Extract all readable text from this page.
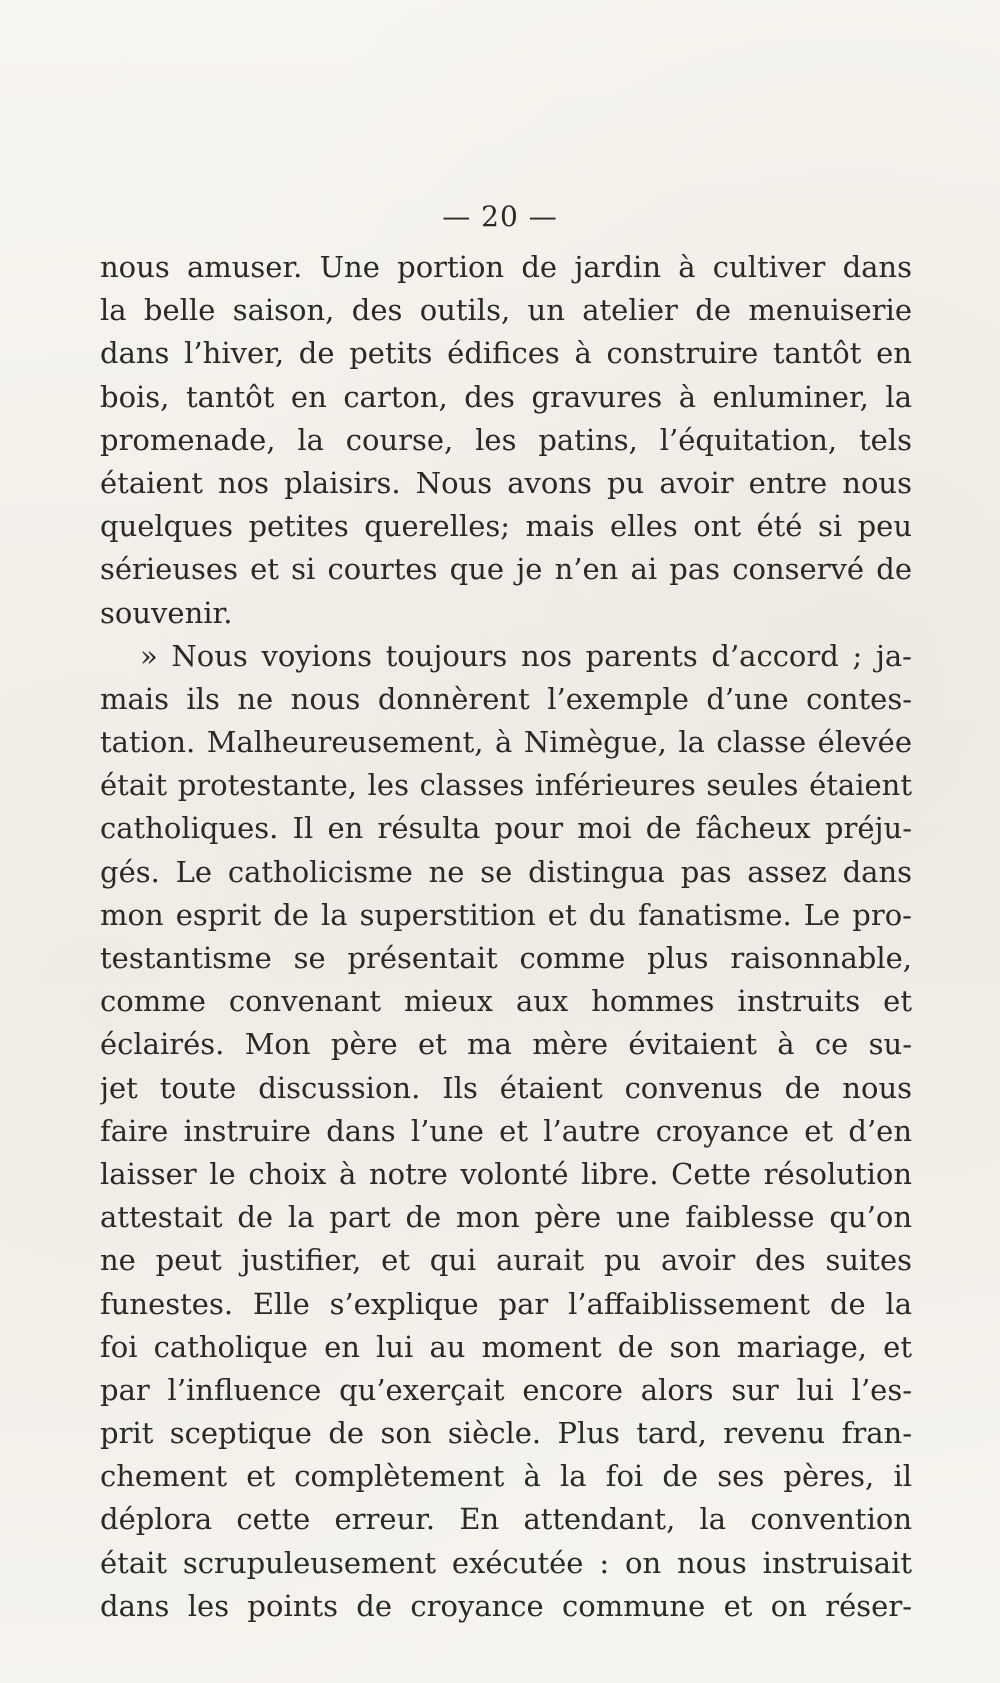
— 20 —
nous amuser. Une portion de jardin à cultiver dans
la belle saison, des outils, un atelier de menuiserie
dans l’hiver, de petits édifices à construire tantôt en
bois, tantôt en carton, des gravures à enluminer, la
promenade, la course, les patins, l’équitation, tels
étaient nos plaisirs. Nous avons pu avoir entre nous
quelques petites querelles; mais elles ont été si peu
sérieuses et si courtes que je n’en ai pas conservé de
souvenir.
» Nous voyions toujours nos parents d’accord ; ja-
mais ils ne nous donnèrent l’exemple d’une contes-
tation. Malheureusement, à Nimègue, la classe élevée
était protestante, les classes inférieures seules étaient
catholiques. Il en résulta pour moi de fâcheux préju-
gés. Le catholicisme ne se distingua pas assez dans
mon esprit de la superstition et du fanatisme. Le pro-
testantisme se présentait comme plus raisonnable,
comme convenant mieux aux hommes instruits et
éclairés. Mon père et ma mère évitaient à ce su-
jet toute discussion. Ils étaient convenus de nous
faire instruire dans l’une et l’autre croyance et d’en
laisser le choix à notre volonté libre. Cette résolution
attestait de la part de mon père une faiblesse qu’on
ne peut justifier, et qui aurait pu avoir des suites
funestes. Elle s’explique par l’affaiblissement de la
foi catholique en lui au moment de son mariage, et
par l’influence qu’exerçait encore alors sur lui l’es-
prit sceptique de son siècle. Plus tard, revenu fran-
chement et complètement à la foi de ses pères, il
déplora cette erreur. En attendant, la convention
était scrupuleusement exécutée : on nous instruisait
dans les points de croyance commune et on réser-
